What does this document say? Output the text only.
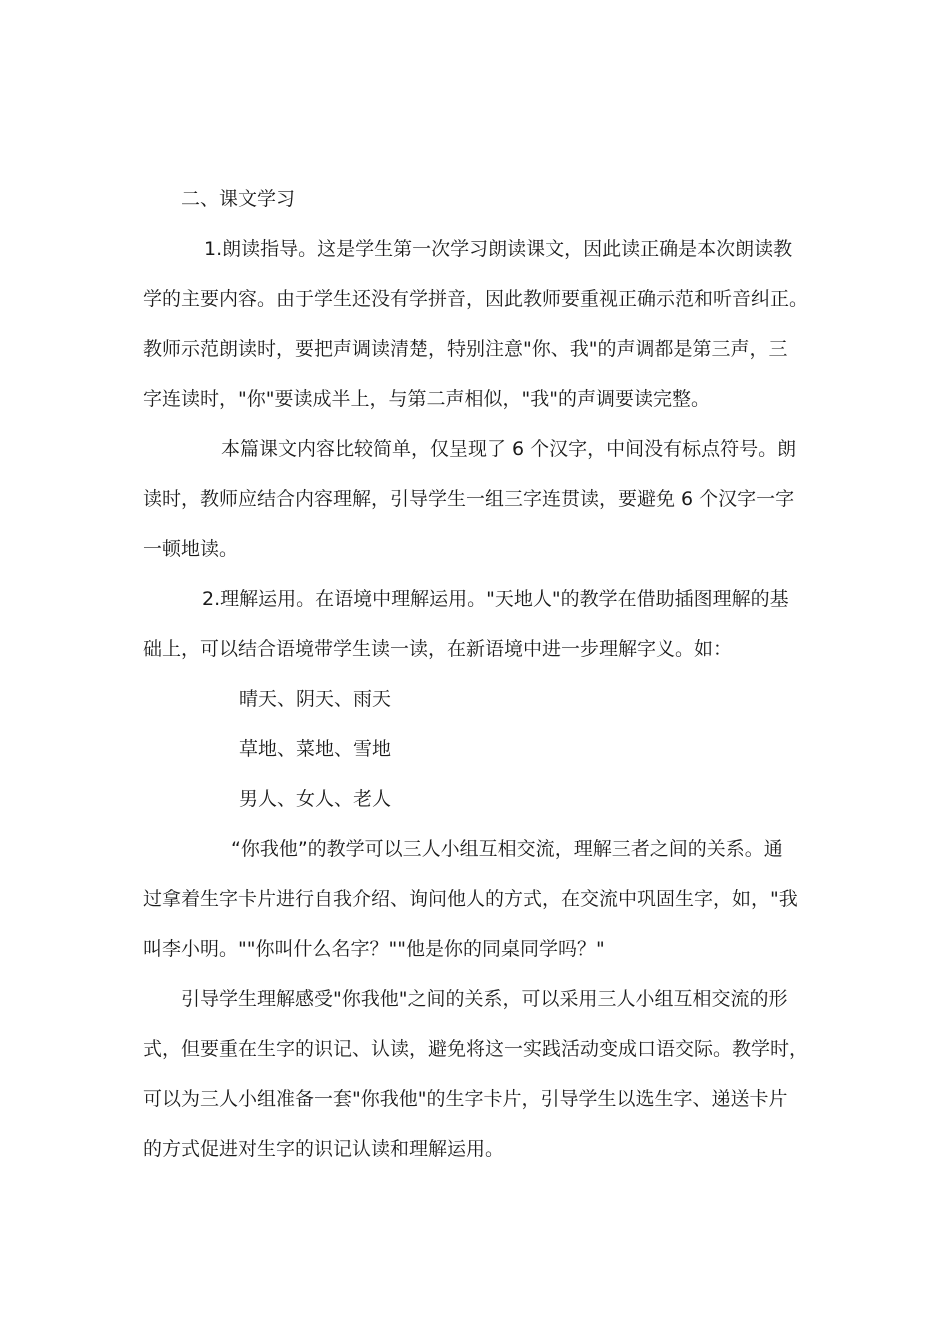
二、课文学习
1.朗读指导。这是学生第一次学习朗读课文，因此读正确是本次朗读教
学的主要内容。由于学生还没有学拼音，因此教师要重视正确示范和听音纠正。
教师示范朗读时，要把声调读清楚，特别注意"你、我"的声调都是第三声，三
字连读时，"你"要读成半上，与第二声相似，"我"的声调要读完整。
本篇课文内容比较简单，仅呈现了 6 个汉字，中间没有标点符号。朗
读时，教师应结合内容理解，引导学生一组三字连贯读，要避免 6 个汉字一字
一顿地读。
2.理解运用。在语境中理解运用。"天地人"的教学在借助插图理解的基
础上，可以结合语境带学生读一读，在新语境中进一步理解字义。如：
晴天、阴天、雨天
草地、菜地、雪地
男人、女人、老人
“你我他”的教学可以三人小组互相交流，理解三者之间的关系。通
过拿着生字卡片进行自我介绍、询问他人的方式，在交流中巩固生字，如，"我
叫李小明。""你叫什么名字？""他是你的同桌同学吗？"
引导学生理解感受"你我他"之间的关系，可以采用三人小组互相交流的形
式，但要重在生字的识记、认读，避免将这一实践活动变成口语交际。教学时，
可以为三人小组准备一套"你我他"的生字卡片，引导学生以选生字、递送卡片
的方式促进对生字的识记认读和理解运用。
